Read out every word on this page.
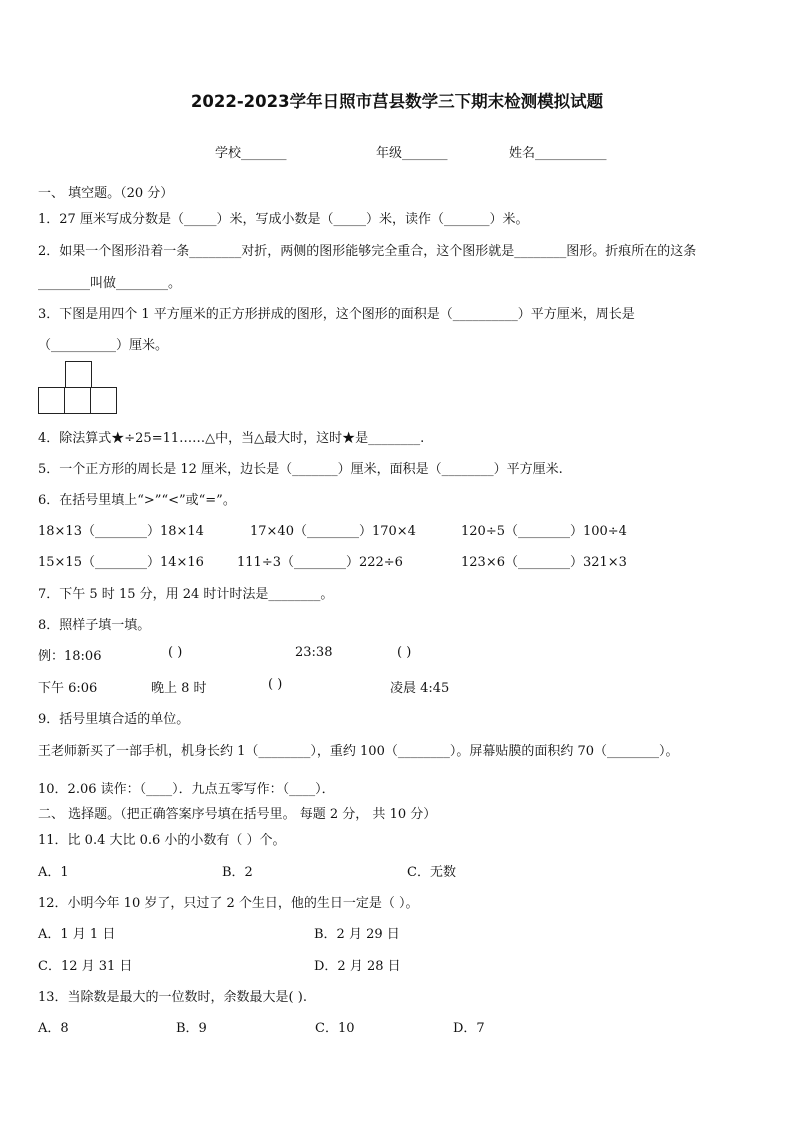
2022-2023学年日照市莒县数学三下期末检测模拟试题
学校_______	年级_______	姓名___________
一、 填空题。（20 分）
1．27 厘米写成分数是（_____）米，写成小数是（_____）米，读作（_______）米。
2．如果一个图形沿着一条________对折，两侧的图形能够完全重合，这个图形就是________图形。折痕所在的这条
________叫做________。
3．下图是用四个 1 平方厘米的正方形拼成的图形，这个图形的面积是（__________）平方厘米，周长是
（__________）厘米。
4．除法算式★÷25=11……△中，当△最大时，这时★是________.
5．一个正方形的周长是 12 厘米，边长是（_______）厘米，面积是（________）平方厘米.
6．在括号里填上“>”“<”或“=”。
18×13（________）18×14	17×40（________）170×4	120÷5（________）100÷4
15×15（________）14×16	111÷3（________）222÷6	123×6（________）321×3
7．下午 5 时 15 分，用 24 时计时法是________。
8．照样子填一填。
例：18:06	( )	23:38	( )
下午 6:06	晚上 8 时	( )	凌晨 4:45
9．括号里填合适的单位。
王老师新买了一部手机，机身长约 1（________），重约 100（________）。屏幕贴膜的面积约 70（________）。
10．2.06 读作：（____）．九点五零写作：（____）．
二、 选择题。（把正确答案序号填在括号里。 每题 2 分， 共 10 分）
11．比 0.4 大比 0.6 小的小数有（ ）个。
A．1	B．2	C．无数
12．小明今年 10 岁了，只过了 2 个生日，他的生日一定是（ ）。
A．1 月 1 日	B．2 月 29 日
C．12 月 31 日	D．2 月 28 日
13．当除数是最大的一位数时，余数最大是( ).
A．8	B．9	C．10	D．7
